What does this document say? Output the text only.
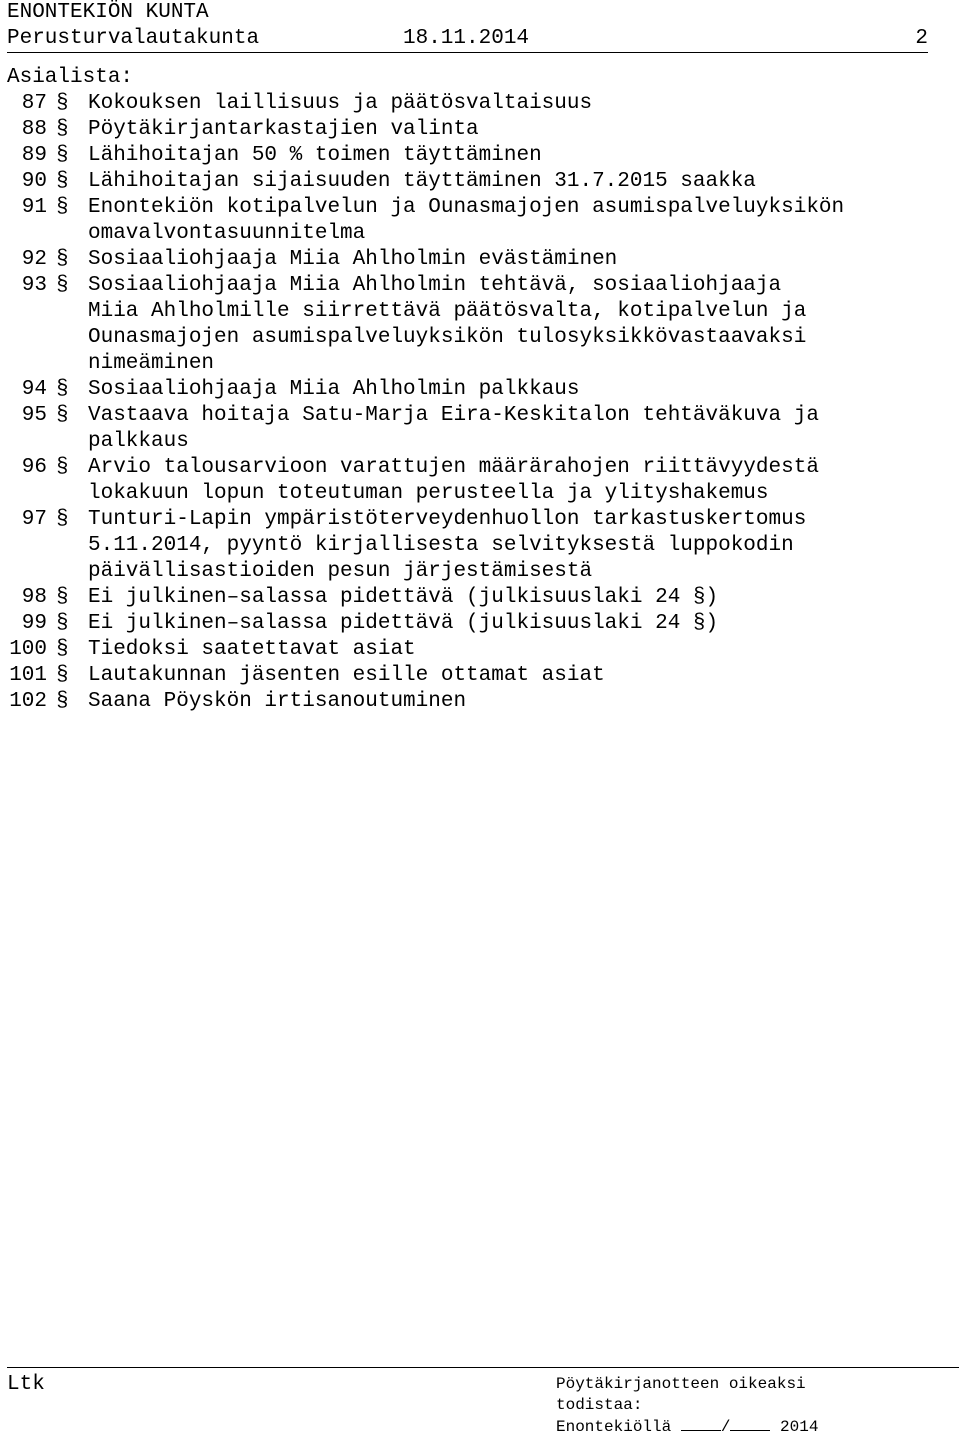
ENONTEKIÖN KUNTA

Perusturvalautakunta

	18.11.2014

	2

Asialista:
87 § Kokouksen laillisuus ja päätösvaltaisuus
88 § Pöytäkirjantarkastajien valinta
89 § Lähihoitajan 50 % toimen täyttäminen
90 § Lähihoitajan sijaisuuden täyttäminen 31.7.2015 saakka
91 § Enontekiön kotipalvelun ja Ounasmajojen asumispalveluyksikön
omavalvontasuunnitelma
92 § Sosiaaliohjaaja Miia Ahlholmin evästäminen
93 § Sosiaaliohjaaja Miia Ahlholmin tehtävä, sosiaaliohjaaja
Miia Ahlholmille siirrettävä päätösvalta, kotipalvelun ja
Ounasmajojen asumispalveluyksikön tulosyksikkövastaavaksi
nimeäminen
94 § Sosiaaliohjaaja Miia Ahlholmin palkkaus
95 § Vastaava hoitaja Satu-Marja Eira-Keskitalon tehtäväkuva ja
palkkaus
96 § Arvio talousarvioon varattujen määrärahojen riittävyydestä
lokakuun lopun toteutuman perusteella ja ylityshakemus
97 § Tunturi-Lapin ympäristöterveydenhuollon tarkastuskertomus
5.11.2014, pyyntö kirjallisesta selvityksestä luppokodin
päivällisastioiden pesun järjestämisestä
98 § Ei julkinen–salassa pidettävä (julkisuuslaki 24 §)
99 § Ei julkinen–salassa pidettävä (julkisuuslaki 24 §)
100 § Tiedoksi saatettavat asiat
101 § Lautakunnan jäsenten esille ottamat asiat
102 § Saana Pöyskön irtisanoutuminen
Ltk	Pöytäkirjanotteen oikeaksi
todistaa:
Enontekiöllä	/	2014
